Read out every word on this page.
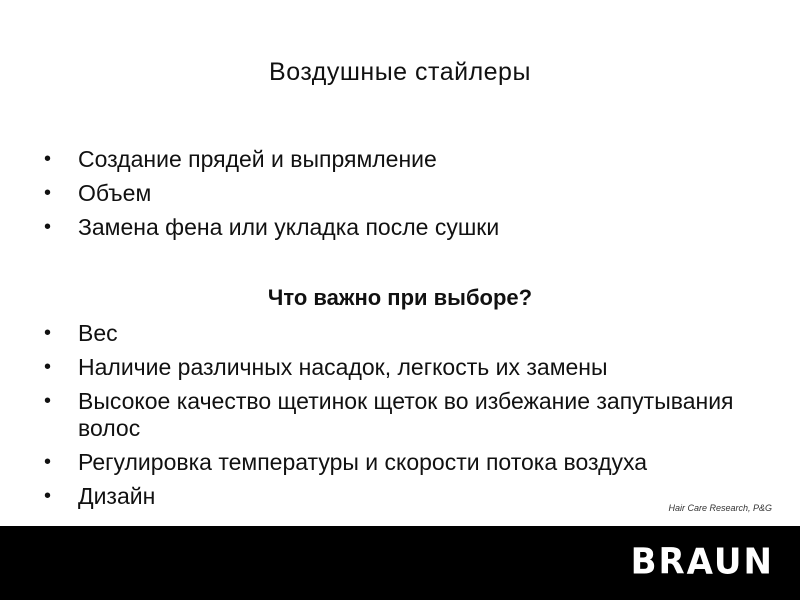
Воздушные стайлеры
•	Создание прядей и выпрямление
•	Объем
•	Замена фена или укладка после сушки
Что важно при выборе?
•	Вес
•	Наличие различных насадок, легкость их замены
•	Высокое качество щетинок щеток во избежание запутывания волос
•	Регулировка температуры и скорости потока воздуха
•	Дизайн	Hair Care Research, P&G
BRAUN
